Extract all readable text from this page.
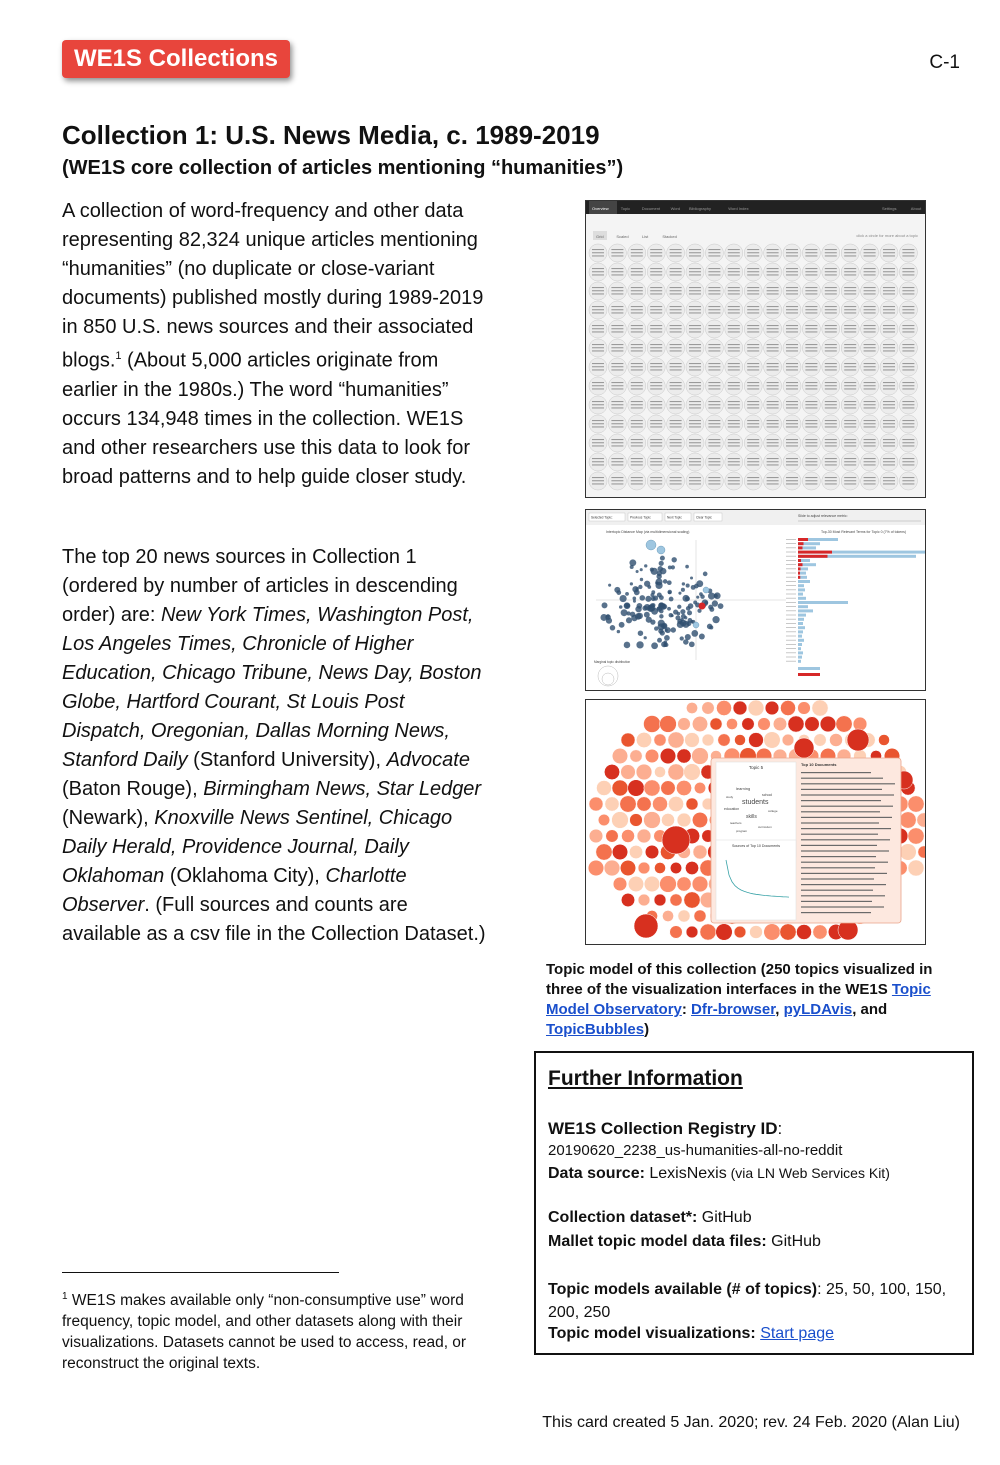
WE1S Collections	C-1
Collection 1: U.S. News Media, c. 1989-2019
(WE1S core collection of articles mentioning “humanities”)

A collection of word-frequency and other data representing 82,324 unique articles mentioning “humanities” (no duplicate or close-variant documents) published mostly during 1989-2019 in 850 U.S. news sources and their associated blogs.$^1$ (About 5,000 articles originate from earlier in the 1980s.) The word “humanities” occurs 134,948 times in the collection. WE1S and other researchers use this data to look for broad patterns and to help guide closer study.

The top 20 news sources in Collection 1 (ordered by number of articles in descending order) are: New York Times, Washington Post, Los Angeles Times, Chronicle of Higher Education, Chicago Tribune, News Day, Boston Globe, Hartford Courant, St Louis Post Dispatch, Oregonian, Dallas Morning News, Stanford Daily (Stanford University), Advocate (Baton Rouge), Birmingham News, Star Ledger (Newark), Knoxville News Sentinel, Chicago Daily Herald, Providence Journal, Daily Oklahoman (Oklahoma City), Charlotte Observer. (Full sources and counts are available as a csv file in the Collection Dataset.)

Overview	Topic	Document	Word Bibliography	Word Index	Settings	About
Grid	Scaled	List	Stacked	click a circle for more about a topic
Selected Topic:	Previous Topic	Next Topic	Clear Topic	Slide to adjust relevance metric:
Intertopic Distance Map (via multidimensional scaling)
Marginal topic distribution
Top-30 Most Relevant Terms for Topic 0 (7% of tokens)
Topic 5
students
learning
skills
education
school
teachers
college
program
curriculum
study
Top 10 Documents
Sources of Top 10 Documents

Topic model of this collection (250 topics visualized in three of the visualization interfaces in the WE1S Topic Model Observatory: Dfr-browser, pyLDAvis, and TopicBubbles)

Further Information
WE1S Collection Registry ID:
20190620_2238_us-humanities-all-no-reddit
Data source: LexisNexis (via LN Web Services Kit)
Collection dataset*: GitHub
Mallet topic model data files: GitHub
Topic models available (# of topics): 25, 50, 100, 150, 200, 250
Topic model visualizations: Start page

$^1$ WE1S makes available only “non-consumptive use” word frequency, topic model, and other datasets along with their visualizations. Datasets cannot be used to access, read, or reconstruct the original texts.

This card created 5 Jan. 2020; rev. 24 Feb. 2020 (Alan Liu)
